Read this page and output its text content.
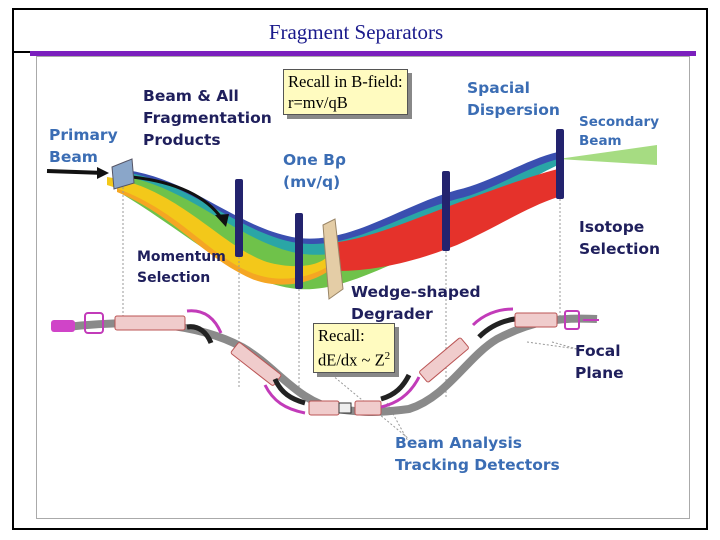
Fragment Separators
Beam & All
Fragmentation
Products
Primary
Beam	One Bρ
(mv/q)
Spacial
Dispersion
Secondary
Beam
Isotope
Selection
Momentum
Selection
Wedge-shaped
Degrader
Focal
Plane
Beam Analysis
Tracking Detectors
Recall in B-field:
r=mv/qB
Recall:
dE/dx ~ $Z^2$
